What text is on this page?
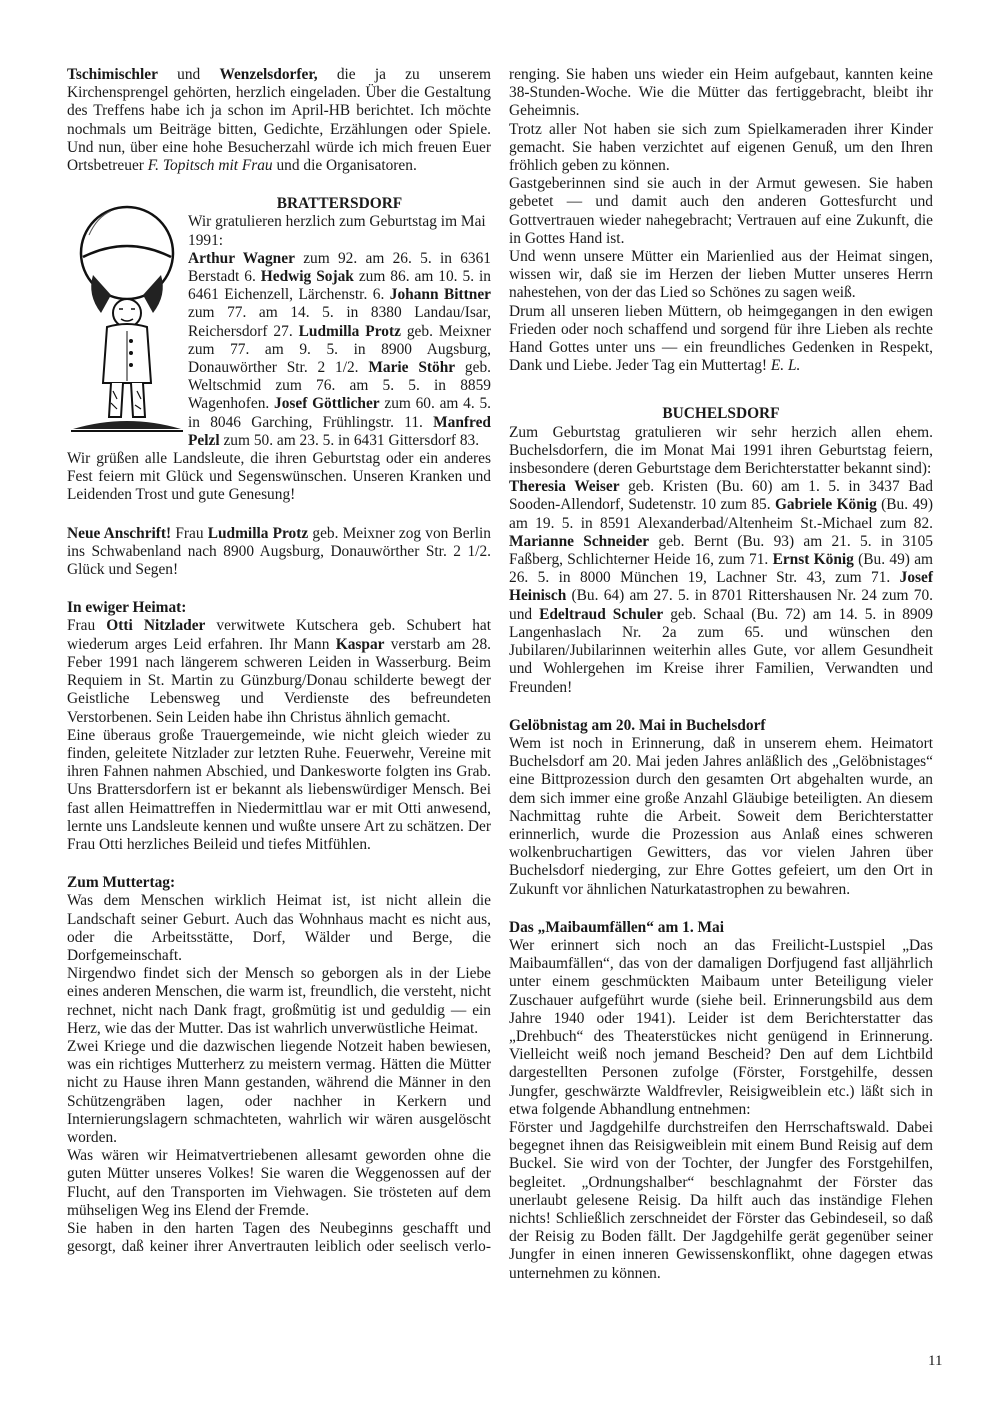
Tschimischler und Wenzelsdorfer, die ja zu unserem Kirchensprengel gehörten, herzlich eingeladen. Über die Gestaltung des Treffens habe ich ja schon im April-HB berichtet. Ich möchte nochmals um Beiträge bitten, Gedichte, Erzählungen oder Spiele. Und nun, über eine hohe Besucherzahl würde ich mich freuen Euer Ortsbetreuer F. Topitsch mit Frau und die Organisatoren.

BRATTERSDORF

Wir gratulieren herzlich zum Geburtstag im Mai 1991:

Arthur Wagner zum 92. am 26. 5. in 6361 Berstadt 6. Hedwig Sojak zum 86. am 10. 5. in 6461 Eichenzell, Lärchenstr. 6. Johann Bittner zum 77. am 14. 5. in 8380 Landau/Isar, Reichersdorf 27. Ludmilla Protz geb. Meixner zum 77. am 9. 5. in 8900 Augsburg, Donauwörther Str. 2 1/2. Marie Stöhr geb. Weltschmid zum 76. am 5. 5. in 8859 Wagenhofen. Josef Göttlicher zum 60. am 4. 5. in 8046 Garching, Frühlingstr. 11. Manfred Pelzl zum 50. am 23. 5. in 6431 Gittersdorf 83.

Wir grüßen alle Landsleute, die ihren Geburtstag oder ein anderes Fest feiern mit Glück und Segenswünschen. Unseren Kranken und Leidenden Trost und gute Genesung!

Neue Anschrift! Frau Ludmilla Protz geb. Meixner zog von Berlin ins Schwabenland nach 8900 Augsburg, Donauwörther Str. 2 1/2. Glück und Segen!

In ewiger Heimat:

Frau Otti Nitzlader verwitwete Kutschera geb. Schubert hat wiederum arges Leid erfahren. Ihr Mann Kaspar verstarb am 28. Feber 1991 nach längerem schweren Leiden in Wasserburg. Beim Requiem in St. Martin zu Günzburg/Donau schilderte bewegt der Geistliche Lebensweg und Verdienste des befreundeten Verstorbenen. Sein Leiden habe ihn Christus ähnlich gemacht.

Eine überaus große Trauergemeinde, wie nicht gleich wieder zu finden, geleitete Nitzlader zur letzten Ruhe. Feuerwehr, Vereine mit ihren Fahnen nahmen Abschied, und Dankesworte folgten ins Grab. Uns Brattersdorfern ist er bekannt als liebenswürdiger Mensch. Bei fast allen Heimattreffen in Niedermittlau war er mit Otti anwesend, lernte uns Landsleute kennen und wußte unsere Art zu schätzen. Der Frau Otti herzliches Beileid und tiefes Mitfühlen.

Zum Muttertag:

Was dem Menschen wirklich Heimat ist, ist nicht allein die Landschaft seiner Geburt. Auch das Wohnhaus macht es nicht aus, oder die Arbeitsstätte, Dorf, Wälder und Berge, die Dorfgemeinschaft.

Nirgendwo findet sich der Mensch so geborgen als in der Liebe eines anderen Menschen, die warm ist, freundlich, die versteht, nicht rechnet, nicht nach Dank fragt, großmütig ist und geduldig — ein Herz, wie das der Mutter. Das ist wahrlich unverwüstliche Heimat.

Zwei Kriege und die dazwischen liegende Notzeit haben bewiesen, was ein richtiges Mutterherz zu meistern vermag. Hätten die Mütter nicht zu Hause ihren Mann gestanden, während die Männer in den Schützengräben lagen, oder nachher in Kerkern und Internierungslagern schmachteten, wahrlich wir wären ausgelöscht worden.

Was wären wir Heimatvertriebenen allesamt geworden ohne die guten Mütter unseres Volkes! Sie waren die Weggenossen auf der Flucht, auf den Transporten im Viehwagen. Sie trösteten auf dem mühseligen Weg ins Elend der Fremde.

Sie haben in den harten Tagen des Neubeginns geschafft und gesorgt, daß keiner ihrer Anvertrauten leiblich oder seelisch verlo-

renging. Sie haben uns wieder ein Heim aufgebaut, kannten keine 38-Stunden-Woche. Wie die Mütter das fertiggebracht, bleibt ihr Geheimnis.

Trotz aller Not haben sie sich zum Spielkameraden ihrer Kinder gemacht. Sie haben verzichtet auf eigenen Genuß, um den Ihren fröhlich geben zu können.

Gastgeberinnen sind sie auch in der Armut gewesen. Sie haben gebetet — und damit auch den anderen Gottesfurcht und Gottvertrauen wieder nahegebracht; Vertrauen auf eine Zukunft, die in Gottes Hand ist.

Und wenn unsere Mütter ein Marienlied aus der Heimat singen, wissen wir, daß sie im Herzen der lieben Mutter unseres Herrn nahestehen, von der das Lied so Schönes zu sagen weiß.

Drum all unseren lieben Müttern, ob heimgegangen in den ewigen Frieden oder noch schaffend und sorgend für ihre Lieben als rechte Hand Gottes unter uns — ein freundliches Gedenken in Respekt, Dank und Liebe. Jeder Tag ein Muttertag! E. L.

BUCHELSDORF

Zum Geburtstag gratulieren wir sehr herzich allen ehem. Buchelsdorfern, die im Monat Mai 1991 ihren Geburtstag feiern, insbesondere (deren Geburtstage dem Berichterstatter bekannt sind):

Theresia Weiser geb. Kristen (Bu. 60) am 1. 5. in 3437 Bad Sooden-Allendorf, Sudetenstr. 10 zum 85. Gabriele König (Bu. 49) am 19. 5. in 8591 Alexanderbad/Altenheim St.-Michael zum 82. Marianne Schneider geb. Bernt (Bu. 93) am 21. 5. in 3105 Faßberg, Schlichterner Heide 16, zum 71. Ernst König (Bu. 49) am 26. 5. in 8000 München 19, Lachner Str. 43, zum 71. Josef Heinisch (Bu. 64) am 27. 5. in 8701 Rittershausen Nr. 24 zum 70. und Edeltraud Schuler geb. Schaal (Bu. 72) am 14. 5. in 8909 Langenhaslach Nr. 2a zum 65. und wünschen den Jubilaren/Jubilarinnen weiterhin alles Gute, vor allem Gesundheit und Wohlergehen im Kreise ihrer Familien, Verwandten und Freunden!

Gelöbnistag am 20. Mai in Buchelsdorf

Wem ist noch in Erinnerung, daß in unserem ehem. Heimatort Buchelsdorf am 20. Mai jeden Jahres anläßlich des „Gelöbnistages“ eine Bittprozession durch den gesamten Ort abgehalten wurde, an dem sich immer eine große Anzahl Gläubige beteiligten. An diesem Nachmittag ruhte die Arbeit. Soweit dem Berichterstatter erinnerlich, wurde die Prozession aus Anlaß eines schweren wolkenbruchartigen Gewitters, das vor vielen Jahren über Buchelsdorf niederging, zur Ehre Gottes gefeiert, um den Ort in Zukunft vor ähnlichen Naturkatastrophen zu bewahren.

Das „Maibaumfällen“ am 1. Mai

Wer erinnert sich noch an das Freilicht-Lustspiel „Das Maibaumfällen“, das von der damaligen Dorfjugend fast alljährlich unter einem geschmückten Maibaum unter Beteiligung vieler Zuschauer aufgeführt wurde (siehe beil. Erinnerungsbild aus dem Jahre 1940 oder 1941). Leider ist dem Berichterstatter das „Drehbuch“ des Theaterstückes nicht genügend in Erinnerung. Vielleicht weiß noch jemand Bescheid? Den auf dem Lichtbild dargestellten Personen zufolge (Förster, Forstgehilfe, dessen Jungfer, geschwärzte Waldfrevler, Reisigweiblein etc.) läßt sich in etwa folgende Abhandlung entnehmen:

Förster und Jagdgehilfe durchstreifen den Herrschaftswald. Dabei begegnet ihnen das Reisigweiblein mit einem Bund Reisig auf dem Buckel. Sie wird von der Tochter, der Jungfer des Forstgehilfen, begleitet. „Ordnungshalber“ beschlagnahmt der Förster das unerlaubt gelesene Reisig. Da hilft auch das inständige Flehen nichts! Schließlich zerschneidet der Förster das Gebindeseil, so daß der Reisig zu Boden fällt. Der Jagdgehilfe gerät gegenüber seiner Jungfer in einen inneren Gewissenskonflikt, ohne dagegen etwas unternehmen zu können.

11
